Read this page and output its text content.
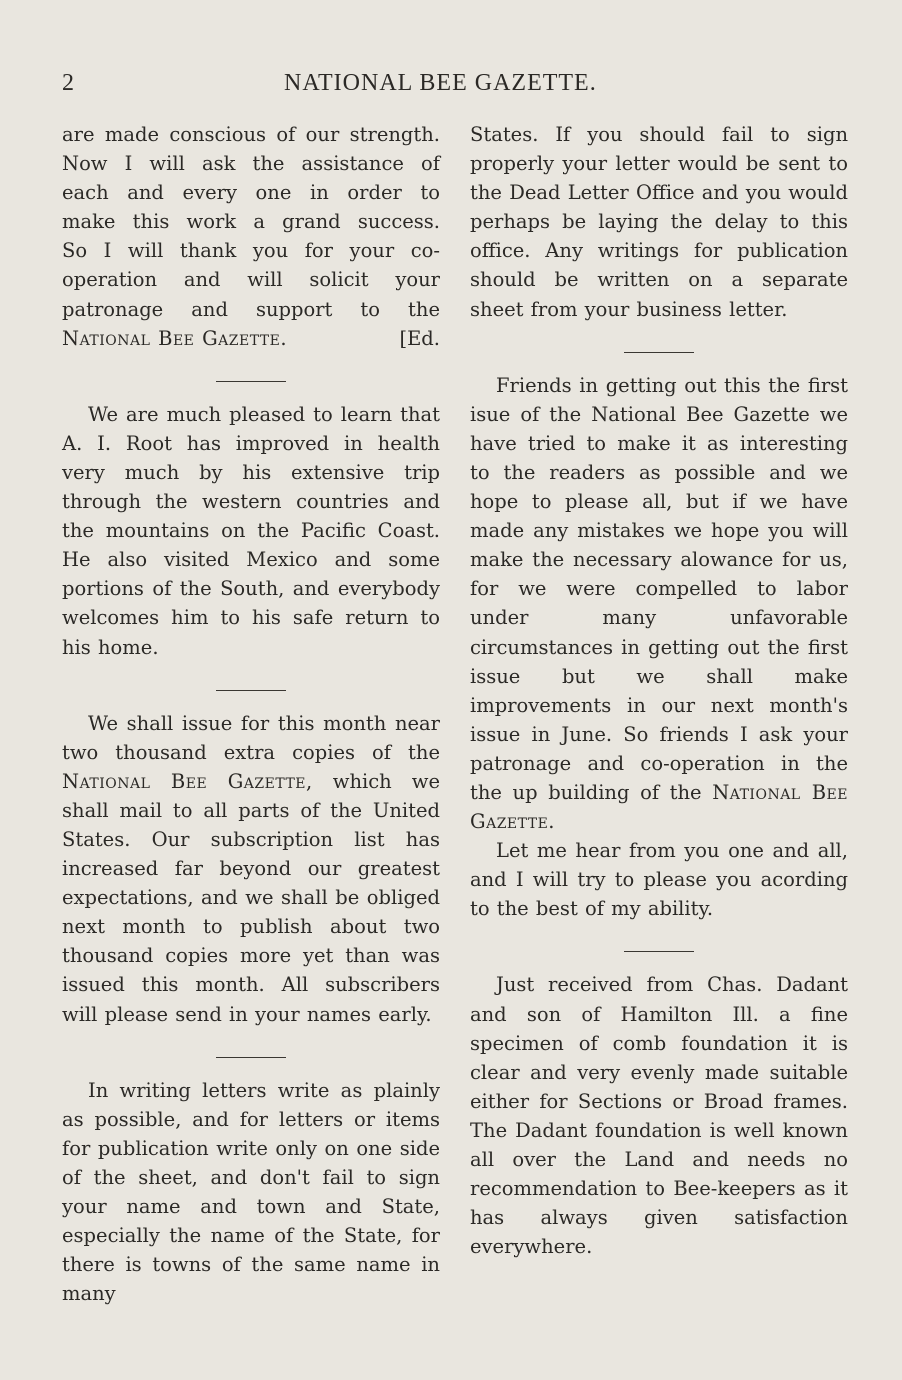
2	NATIONAL BEE GAZETTE.

are made conscious of our strength.
Now I will ask the assistance of
each and every one in order to
make this work a grand success.
So I will thank you for your co-
operation and will solicit your
patronage and support to the
National Bee Gazette.	[Ed.

We are much pleased to learn that A. I. Root has improved in health very much by his extensive trip through the western countries and the mountains on the Pacific Coast. He also visited Mexico and some portions of the South, and everybody welcomes him to his safe return to his home.

We shall issue for this month near two thousand extra copies of the National Bee Gazette, which we shall mail to all parts of the United States. Our subscription list has increased far beyond our greatest expectations, and we shall be obliged next month to publish about two thousand copies more yet than was issued this month. All subscribers will please send in your names early.

In writing letters write as plainly as possible, and for letters or items for publication write only on one side of the sheet, and don't fail to sign your name and town and State, especially the name of the State, for there is towns of the same name in many

States. If you should fail to sign properly your letter would be sent to the Dead Letter Office and you would perhaps be laying the delay to this office. Any writings for publication should be written on a separate sheet from your business letter.

Friends in getting out this the first isue of the National Bee Gazette we have tried to make it as interesting to the readers as possible and we hope to please all, but if we have made any mistakes we hope you will make the necessary alowance for us, for we were compelled to labor under many unfavorable circumstances in getting out the first issue but we shall make improvements in our next month's issue in June. So friends I ask your patronage and co-operation in the the up building of the National Bee Gazette.

Let me hear from you one and all, and I will try to please you acording to the best of my ability.

Just received from Chas. Dadant and son of Hamilton Ill. a fine specimen of comb foundation it is clear and very evenly made suitable either for Sections or Broad frames. The Dadant foundation is well known all over the Land and needs no recommendation to Bee-keepers as it has always given satisfaction everywhere.
